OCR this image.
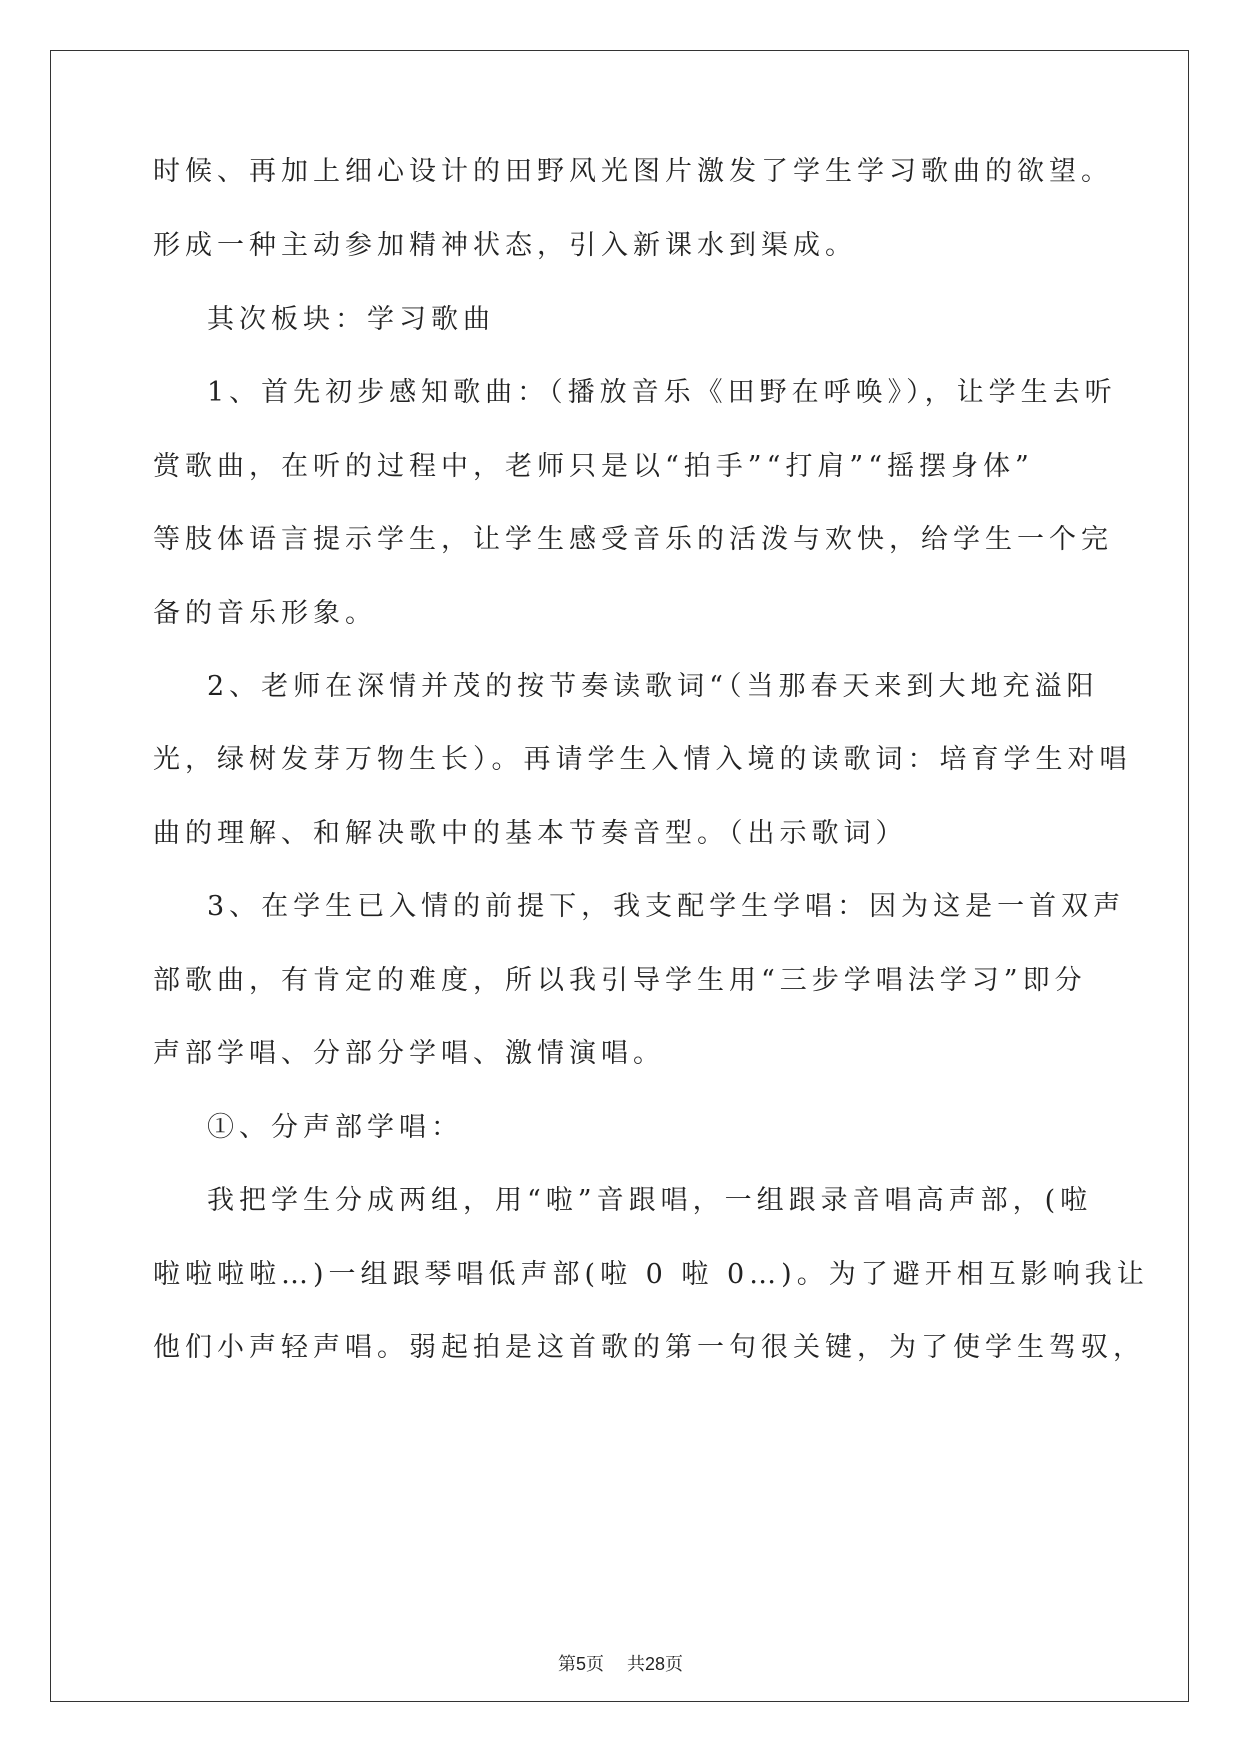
时候、再加上细心设计的田野风光图片激发了学生学习歌曲的欲望。
形成一种主动参加精神状态，引入新课水到渠成。
其次板块：学习歌曲
1、首先初步感知歌曲：（播放音乐《田野在呼唤》），让学生去听
赏歌曲，在听的过程中，老师只是以“拍手”“打肩”“摇摆身体”
等肢体语言提示学生，让学生感受音乐的活泼与欢快，给学生一个完
备的音乐形象。
2、老师在深情并茂的按节奏读歌词“（当那春天来到大地充溢阳
光，绿树发芽万物生长）。再请学生入情入境的读歌词：培育学生对唱
曲的理解、和解决歌中的基本节奏音型。（出示歌词）
3、在学生已入情的前提下，我支配学生学唱：因为这是一首双声
部歌曲，有肯定的难度，所以我引导学生用“三步学唱法学习”即分
声部学唱、分部分学唱、激情演唱。
①、分声部学唱：
我把学生分成两组，用“啦”音跟唱，一组跟录音唱高声部，(啦
啦啦啦啦…)一组跟琴唱低声部(啦 0 啦 0…)。为了避开相互影响我让
他们小声轻声唱。弱起拍是这首歌的第一句很关键，为了使学生驾驭，
第5页 共28页
